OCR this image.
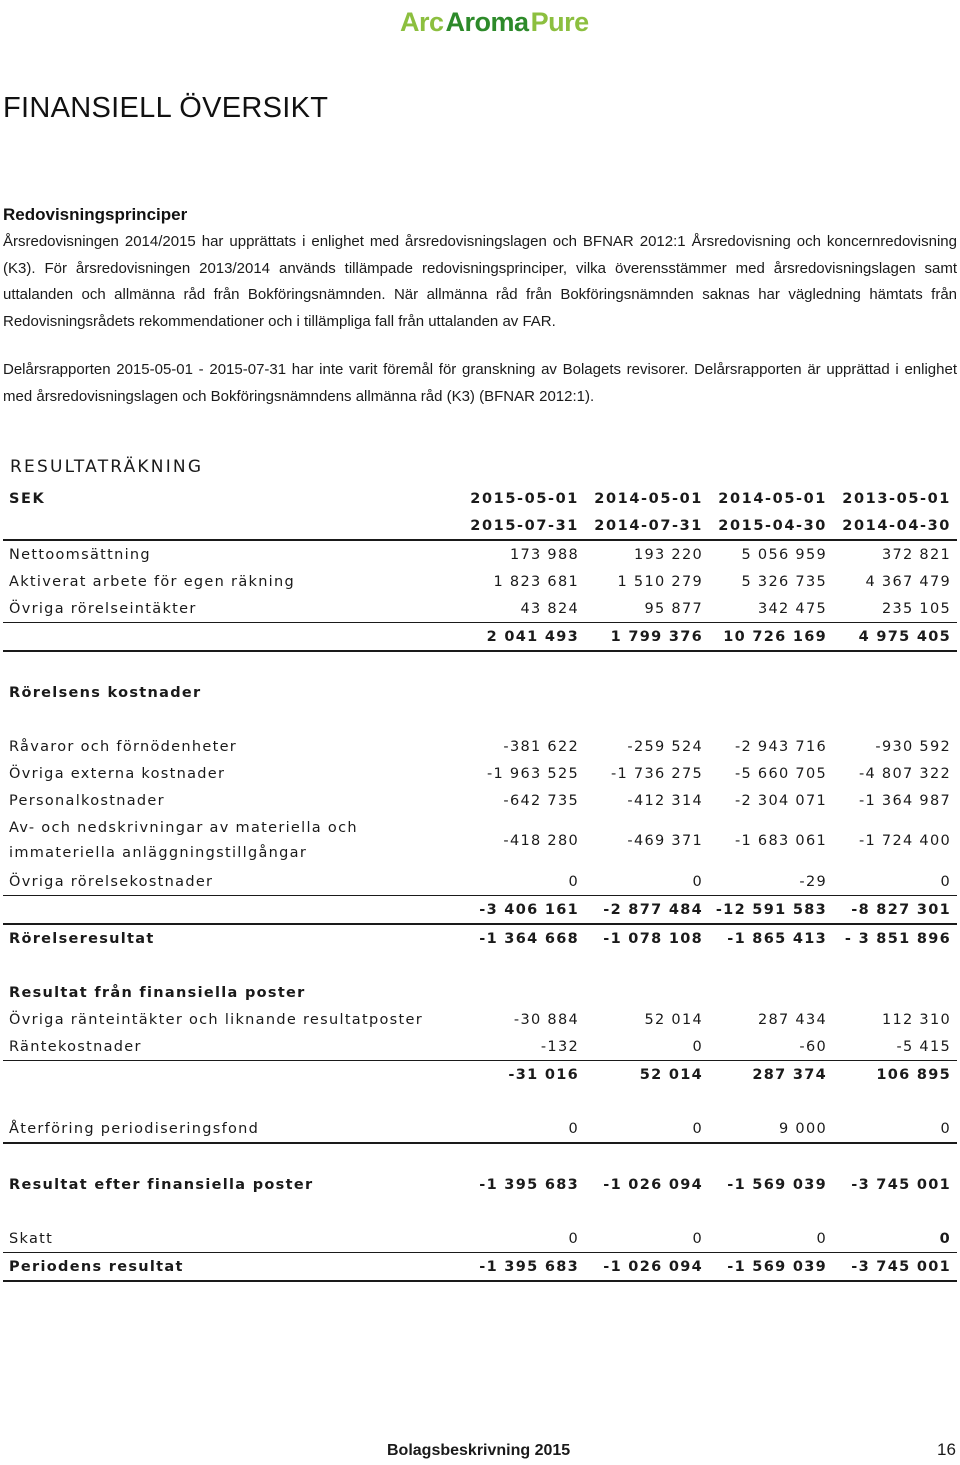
Arc Aroma Pure
FINANSIELL ÖVERSIKT
Redovisningsprinciper

Årsredovisningen 2014/2015 har upprättats i enlighet med årsredovisningslagen och BFNAR 2012:1 Årsredovisning och koncernredovisning (K3). För årsredovisningen 2013/2014 används tillämpade redovisningsprinciper, vilka överensstämmer med årsredovisningslagen samt uttalanden och allmänna råd från Bokföringsnämnden. När allmänna råd från Bokföringsnämnden saknas har vägledning hämtats från Redovisningsrådets rekommendationer och i tillämpliga fall från uttalanden av FAR.

Delårsrapporten 2015-05-01 - 2015-07-31 har inte varit föremål för granskning av Bolagets revisorer. Delårsrapporten är upprättad i enlighet med årsredovisningslagen och Bokföringsnämndens allmänna råd (K3) (BFNAR 2012:1).

RESULTATRÄKNING
SEK	2015-05-01	2014-05-01	2014-05-01	2013-05-01
	2015-07-31	2014-07-31	2015-04-30	2014-04-30
Nettoomsättning	173 988	193 220	5 056 959	372 821
Aktiverat arbete för egen räkning	1 823 681	1 510 279	5 326 735	4 367 479
Övriga rörelseintäkter	43 824	95 877	342 475	235 105
	2 041 493	1 799 376	10 726 169	4 975 405

Rörelsens kostnader				

Råvaror och förnödenheter	-381 622	-259 524	-2 943 716	-930 592
Övriga externa kostnader	-1 963 525	-1 736 275	-5 660 705	-4 807 322
Personalkostnader	-642 735	-412 314	-2 304 071	-1 364 987
Av- och nedskrivningar av materiella och immateriella anläggningstillgångar	-418 280	-469 371	-1 683 061	-1 724 400
Övriga rörelsekostnader	0	0	-29	0
	-3 406 161	-2 877 484	-12 591 583	-8 827 301
Rörelseresultat	-1 364 668	-1 078 108	-1 865 413	- 3 851 896

Resultat från finansiella poster				
Övriga ränteintäkter och liknande resultatposter	-30 884	52 014	287 434	112 310
Räntekostnader	-132	0	-60	-5 415
	-31 016	52 014	287 374	106 895

Återföring periodiseringsfond	0	0	9 000	0

Resultat efter finansiella poster	-1 395 683	-1 026 094	-1 569 039	-3 745 001

Skatt	0	0	0	0
Periodens resultat	-1 395 683	-1 026 094	-1 569 039	-3 745 001
Bolagsbeskrivning 2015	16
